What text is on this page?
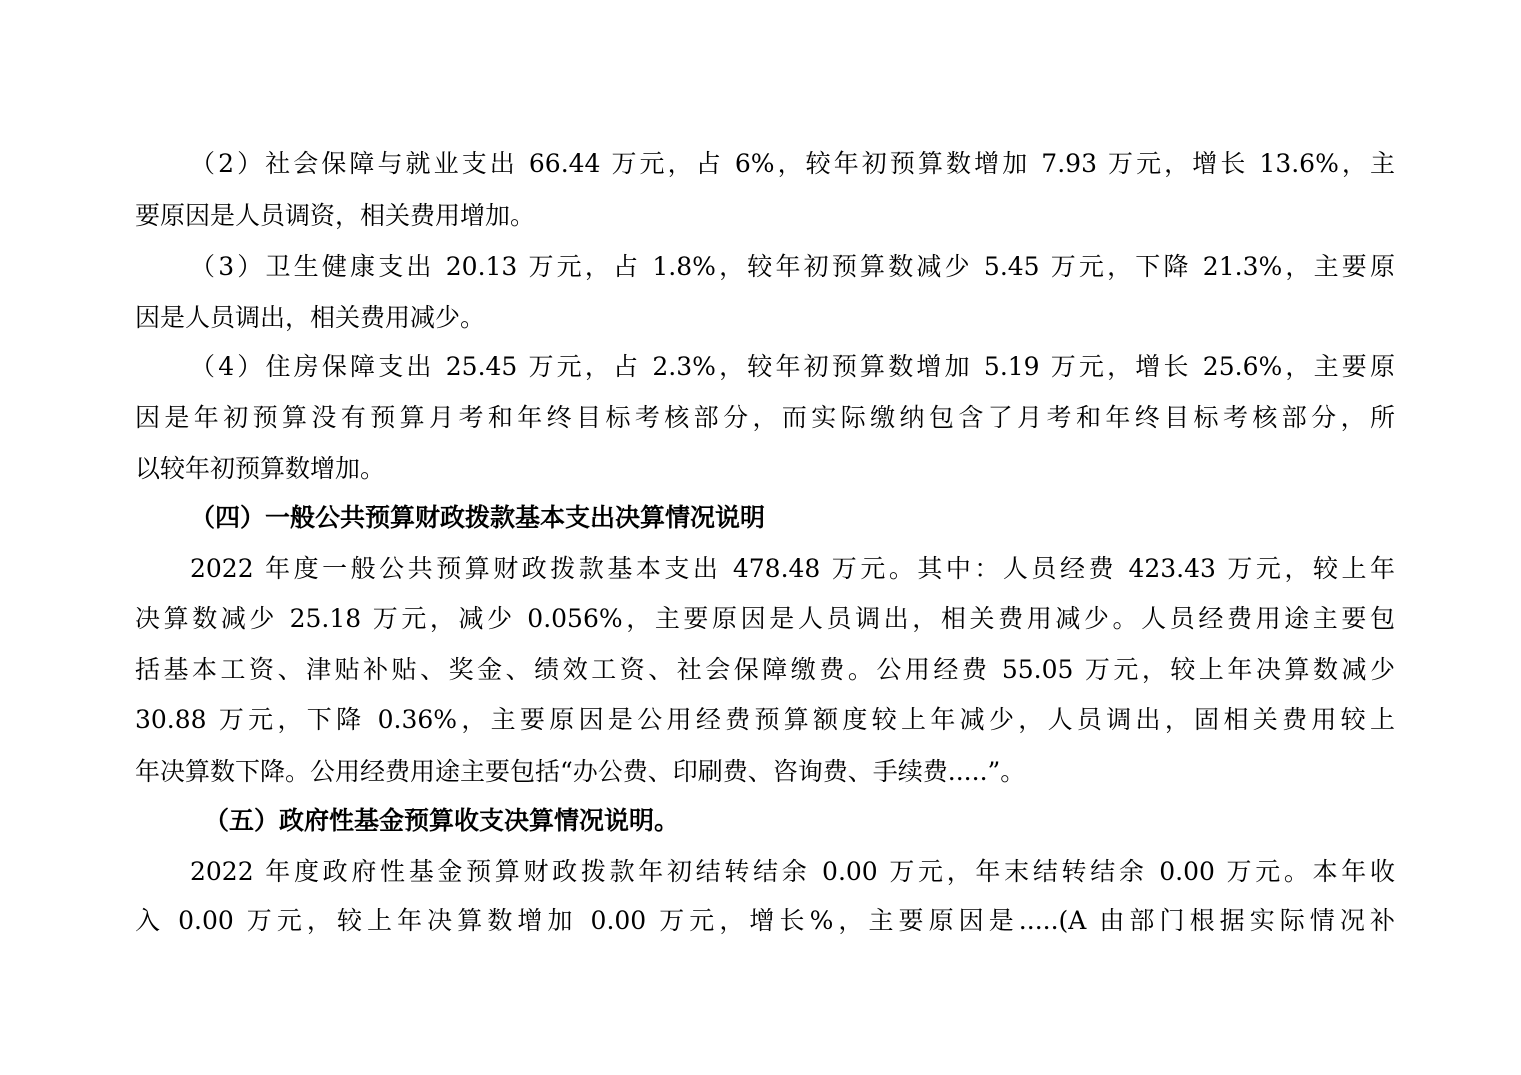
（2）社会保障与就业支出 66.44 万元，占 6%，较年初预算数增加 7.93 万元，增长 13.6%，主
要原因是人员调资，相关费用增加。
（3）卫生健康支出 20.13 万元，占 1.8%，较年初预算数减少 5.45 万元，下降 21.3%，主要原
因是人员调出，相关费用减少。
（4）住房保障支出 25.45 万元，占 2.3%，较年初预算数增加 5.19 万元，增长 25.6%，主要原
因是年初预算没有预算月考和年终目标考核部分，而实际缴纳包含了月考和年终目标考核部分，所
以较年初预算数增加。
（四）一般公共预算财政拨款基本支出决算情况说明
2022 年度一般公共预算财政拨款基本支出 478.48 万元。其中：人员经费 423.43 万元，较上年
决算数减少 25.18 万元，减少 0.056%，主要原因是人员调出，相关费用减少。人员经费用途主要包
括基本工资、津贴补贴、奖金、绩效工资、社会保障缴费。公用经费 55.05 万元，较上年决算数减少
30.88 万元，下降 0.36%，主要原因是公用经费预算额度较上年减少，人员调出，固相关费用较上
年决算数下降。公用经费用途主要包括“办公费、印刷费、咨询费、手续费.....”。
（五）政府性基金预算收支决算情况说明。
2022 年度政府性基金预算财政拨款年初结转结余 0.00 万元，年末结转结余 0.00 万元。本年收
入 0.00 万元，较上年决算数增加 0.00 万元，增长%，主要原因是.....(A 由部门根据实际情况补
